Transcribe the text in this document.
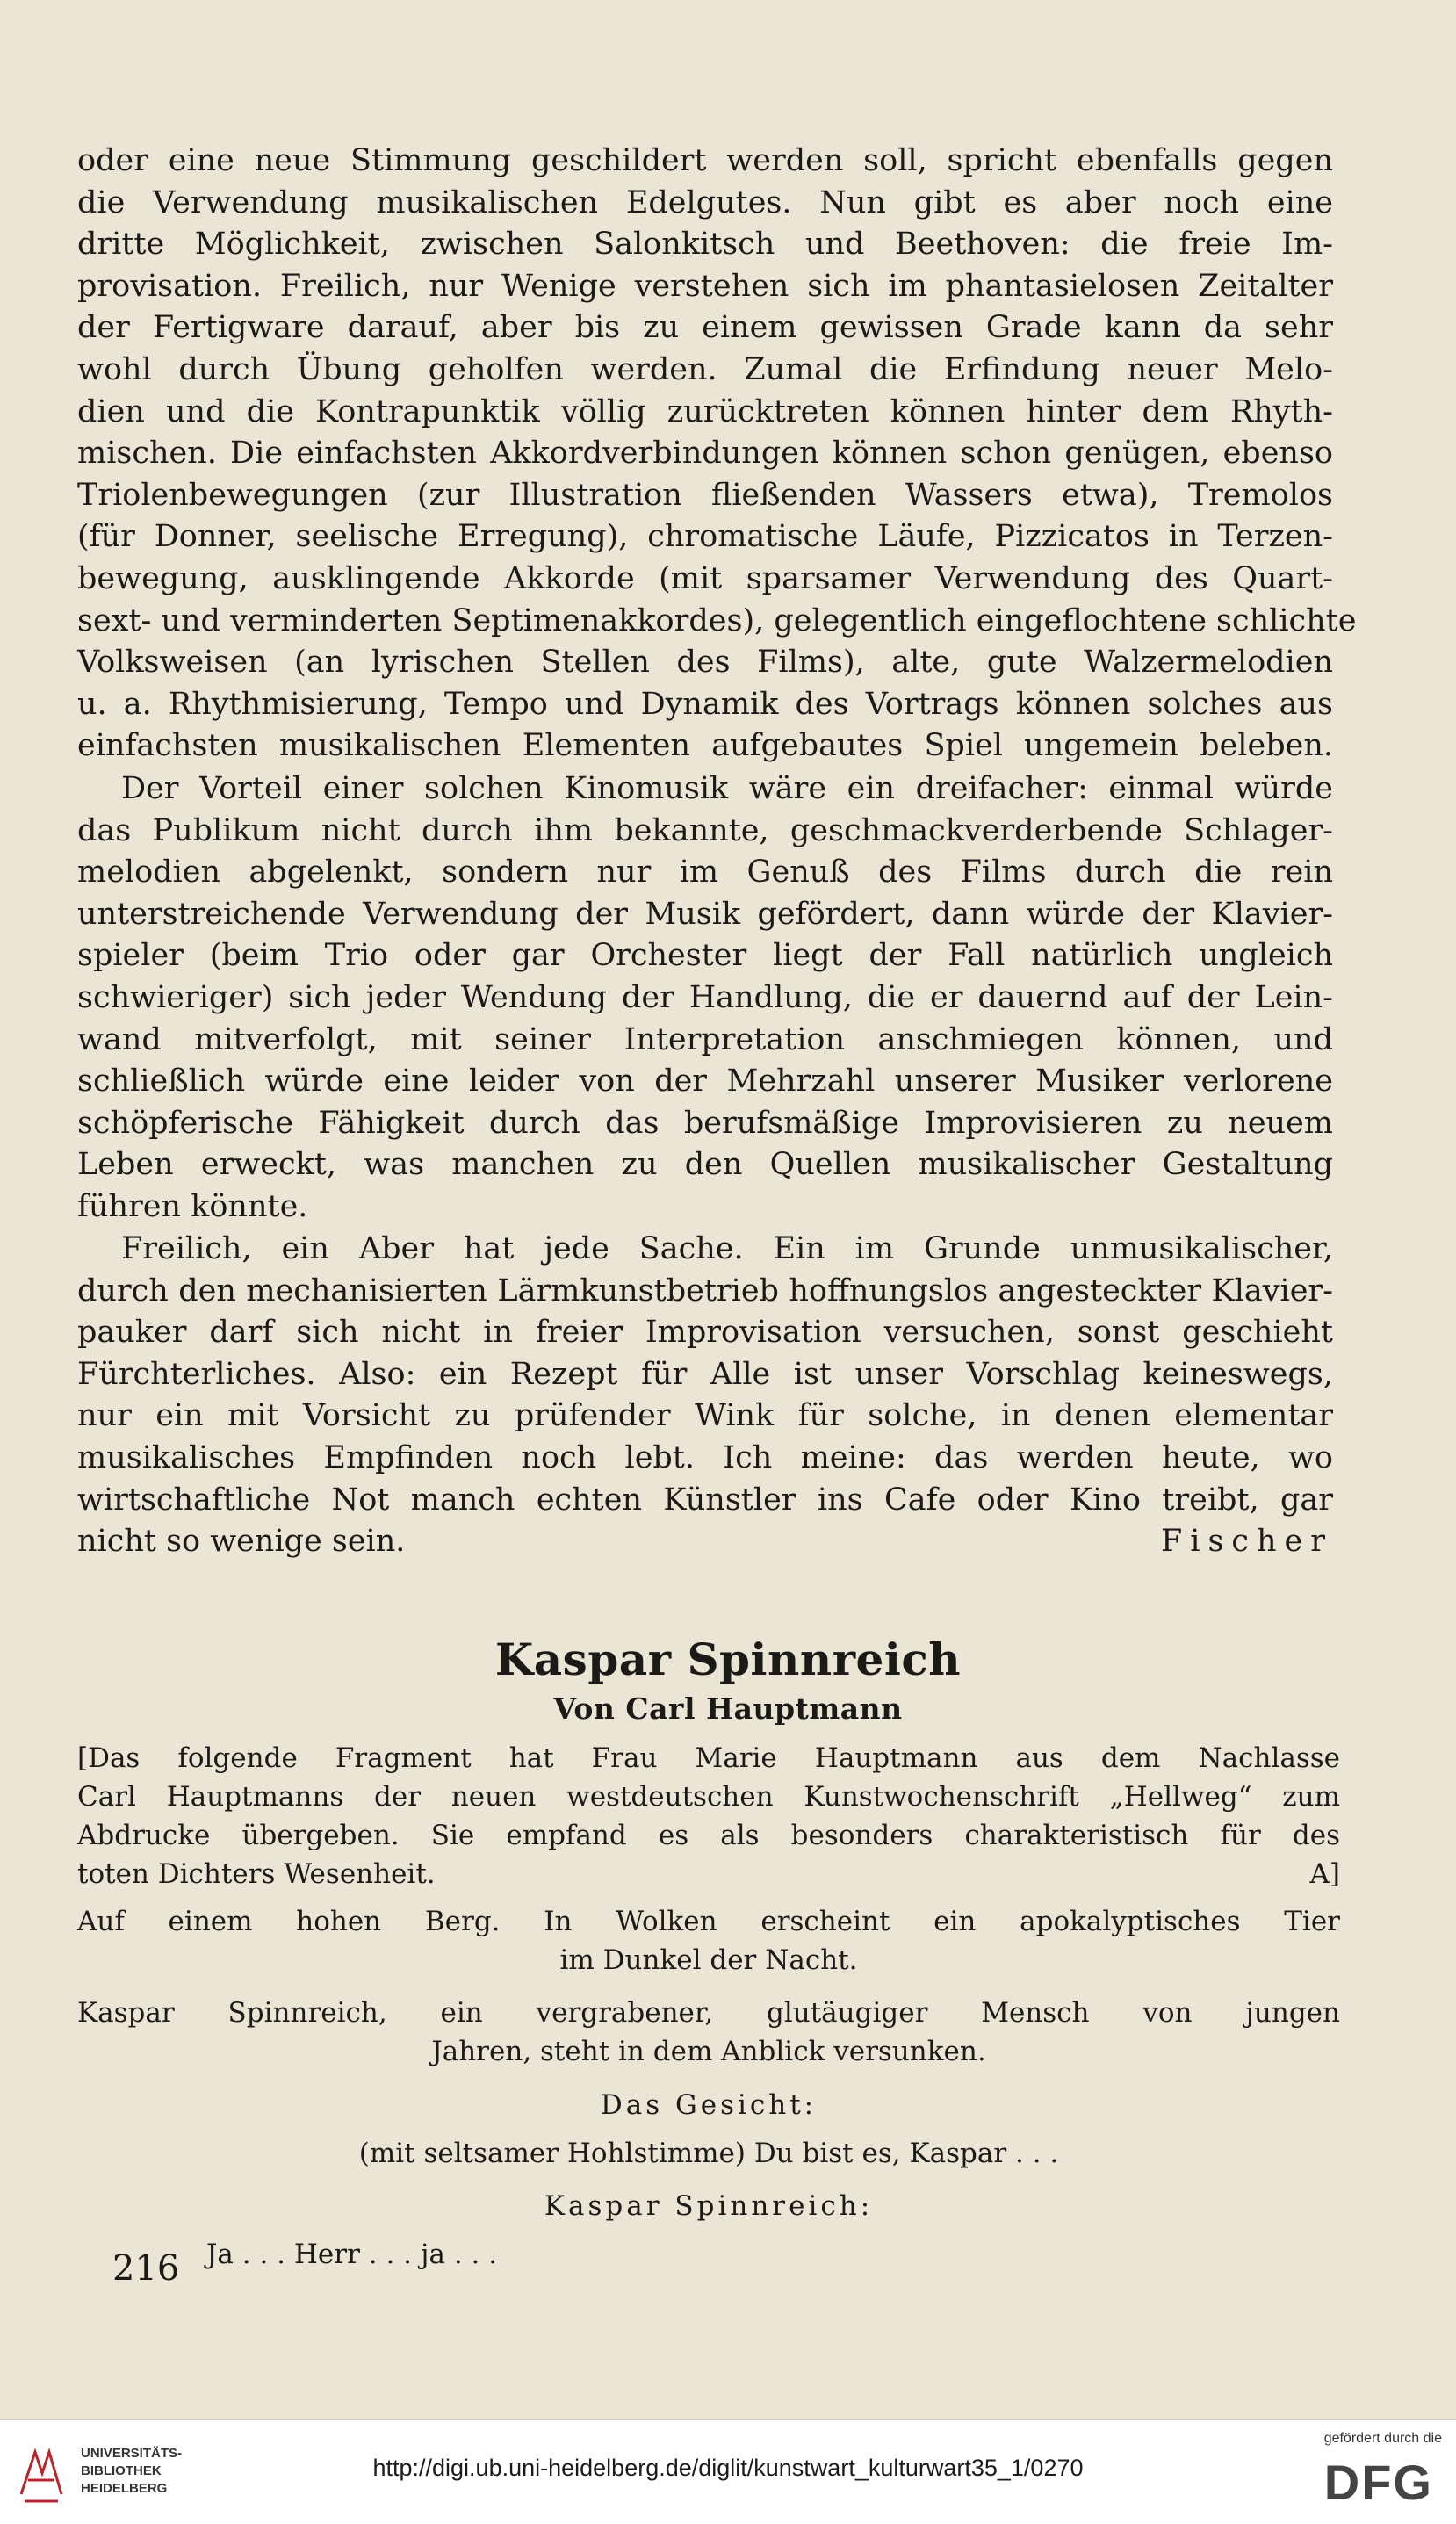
oder eine neue Stimmung geschildert werden soll, spricht ebenfalls gegen
die Verwendung musikalischen Edelgutes. Nun gibt es aber noch eine
dritte Möglichkeit, zwischen Salonkitsch und Beethoven: die freie Im-
provisation. Freilich, nur Wenige verstehen sich im phantasielosen Zeitalter
der Fertigware darauf, aber bis zu einem gewissen Grade kann da sehr
wohl durch Übung geholfen werden. Zumal die Erfindung neuer Melo-
dien und die Kontrapunktik völlig zurücktreten können hinter dem Rhyth-
mischen. Die einfachsten Akkordverbindungen können schon genügen, ebenso
Triolenbewegungen (zur Illustration fließenden Wassers etwa), Tremolos
(für Donner, seelische Erregung), chromatische Läufe, Pizzicatos in Terzen-
bewegung, ausklingende Akkorde (mit sparsamer Verwendung des Quart-
sext- und verminderten Septimenakkordes), gelegentlich eingeflochtene schlichte
Volksweisen (an lyrischen Stellen des Films), alte, gute Walzermelodien
u. a. Rhythmisierung, Tempo und Dynamik des Vortrags können solches aus
einfachsten musikalischen Elementen aufgebautes Spiel ungemein beleben.
Der Vorteil einer solchen Kinomusik wäre ein dreifacher: einmal würde
das Publikum nicht durch ihm bekannte, geschmackverderbende Schlager-
melodien abgelenkt, sondern nur im Genuß des Films durch die rein
unterstreichende Verwendung der Musik gefördert, dann würde der Klavier-
spieler (beim Trio oder gar Orchester liegt der Fall natürlich ungleich
schwieriger) sich jeder Wendung der Handlung, die er dauernd auf der Lein-
wand mitverfolgt, mit seiner Interpretation anschmiegen können, und
schließlich würde eine leider von der Mehrzahl unserer Musiker verlorene
schöpferische Fähigkeit durch das berufsmäßige Improvisieren zu neuem
Leben erweckt, was manchen zu den Quellen musikalischer Gestaltung
führen könnte.
Freilich, ein Aber hat jede Sache. Ein im Grunde unmusikalischer,
durch den mechanisierten Lärmkunstbetrieb hoffnungslos angesteckter Klavier-
pauker darf sich nicht in freier Improvisation versuchen, sonst geschieht
Fürchterliches. Also: ein Rezept für Alle ist unser Vorschlag keineswegs,
nur ein mit Vorsicht zu prüfender Wink für solche, in denen elementar
musikalisches Empfinden noch lebt. Ich meine: das werden heute, wo
wirtschaftliche Not manch echten Künstler ins Cafe oder Kino treibt, gar
nicht so wenige sein.	Fischer
Kaspar Spinnreich
Von Carl Hauptmann
[Das folgende Fragment hat Frau Marie Hauptmann aus dem Nachlasse
Carl Hauptmanns der neuen westdeutschen Kunstwochenschrift „Hellweg“ zum
Abdrucke übergeben. Sie empfand es als besonders charakteristisch für des
toten Dichters Wesenheit.	A]
Auf einem hohen Berg. In Wolken erscheint ein apokalyptisches Tier
im Dunkel der Nacht.
Kaspar Spinnreich, ein vergrabener, glutäugiger Mensch von jungen
Jahren, steht in dem Anblick versunken.
Das Gesicht:
(mit seltsamer Hohlstimme) Du bist es, Kaspar . . .
Kaspar Spinnreich:
Ja . . . Herr . . . ja . . .
216
UNIVERSITÄTS-
BIBLIOTHEK
HEIDELBERG
http://digi.ub.uni-heidelberg.de/diglit/kunstwart_kulturwart35_1/0270
gefördert durch die
DFG
